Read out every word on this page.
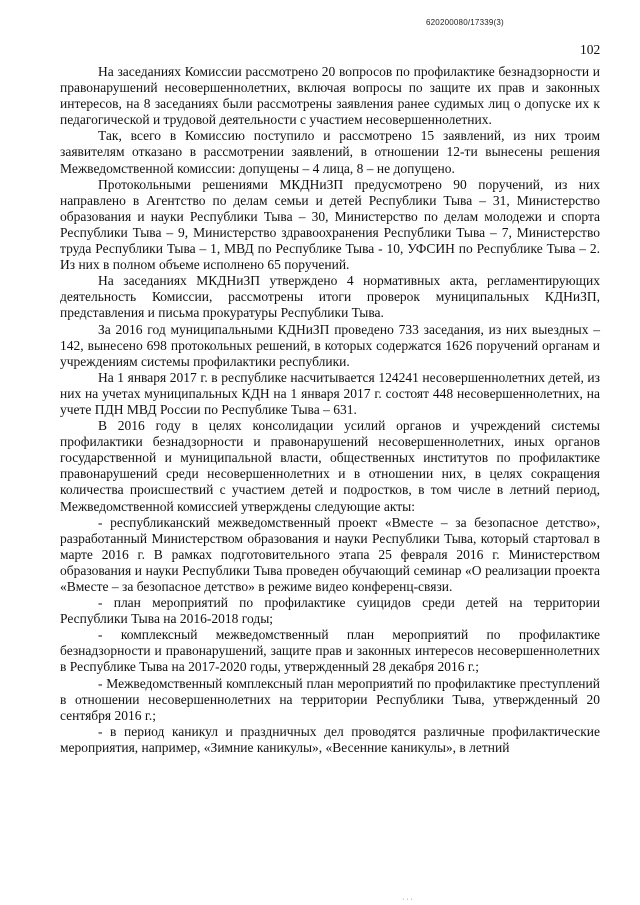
620200080/17339(3)
102

На заседаниях Комиссии рассмотрено 20 вопросов по профилактике безнадзорности и правонарушений несовершеннолетних, включая вопросы по защите их прав и законных интересов, на 8 заседаниях были рассмотрены заявления ранее судимых лиц о допуске их к педагогической и трудовой деятельности с участием несовершеннолетних.

Так, всего в Комиссию поступило и рассмотрено 15 заявлений, из них троим заявителям отказано в рассмотрении заявлений, в отношении 12-ти вынесены решения Межведомственной комиссии: допущены – 4 лица, 8 – не допущено.

Протокольными решениями МКДНиЗП предусмотрено 90 поручений, из них направлено в Агентство по делам семьи и детей Республики Тыва – 31, Министерство образования и науки Республики Тыва – 30, Министерство по делам молодежи и спорта Республики Тыва – 9, Министерство здравоохранения Республики Тыва – 7, Министерство труда Республики Тыва – 1, МВД по Республике Тыва - 10, УФСИН по Республике Тыва – 2. Из них в полном объеме исполнено 65 поручений.

На заседаниях МКДНиЗП утверждено 4 нормативных акта, регламентирующих деятельность Комиссии, рассмотрены итоги проверок муниципальных КДНиЗП, представления и письма прокуратуры Республики Тыва.

За 2016 год муниципальными КДНиЗП проведено 733 заседания, из них выездных – 142, вынесено 698 протокольных решений, в которых содержатся 1626 поручений органам и учреждениям системы профилактики республики.

На 1 января 2017 г. в республике насчитывается 124241 несовершеннолетних детей, из них на учетах муниципальных КДН на 1 января 2017 г. состоят 448 несовершеннолетних, на учете ПДН МВД России по Республике Тыва – 631.

В 2016 году в целях консолидации усилий органов и учреждений системы профилактики безнадзорности и правонарушений несовершеннолетних, иных органов государственной и муниципальной власти, общественных институтов по профилактике правонарушений среди несовершеннолетних и в отношении них, в целях сокращения количества происшествий с участием детей и подростков, в том числе в летний период, Межведомственной комиссией утверждены следующие акты:

- республиканский межведомственный проект «Вместе – за безопасное детство», разработанный Министерством образования и науки Республики Тыва, который стартовал в марте 2016 г. В рамках подготовительного этапа 25 февраля 2016 г. Министерством образования и науки Республики Тыва проведен обучающий семинар «О реализации проекта «Вместе – за безопасное детство» в режиме видео конференц-связи.

- план мероприятий по профилактике суицидов среди детей на территории Республики Тыва на 2016-2018 годы;

- комплексный межведомственный план мероприятий по профилактике безнадзорности и правонарушений, защите прав и законных интересов несовершеннолетних в Республике Тыва на 2017-2020 годы, утвержденный 28 декабря 2016 г.;

- Межведомственный комплексный план мероприятий по профилактике преступлений в отношении несовершеннолетних на территории Республики Тыва, утвержденный 20 сентября 2016 г.;

- в период каникул и праздничных дел проводятся различные профилактические мероприятия, например, «Зимние каникулы», «Весенние каникулы», в летний

· · ·
